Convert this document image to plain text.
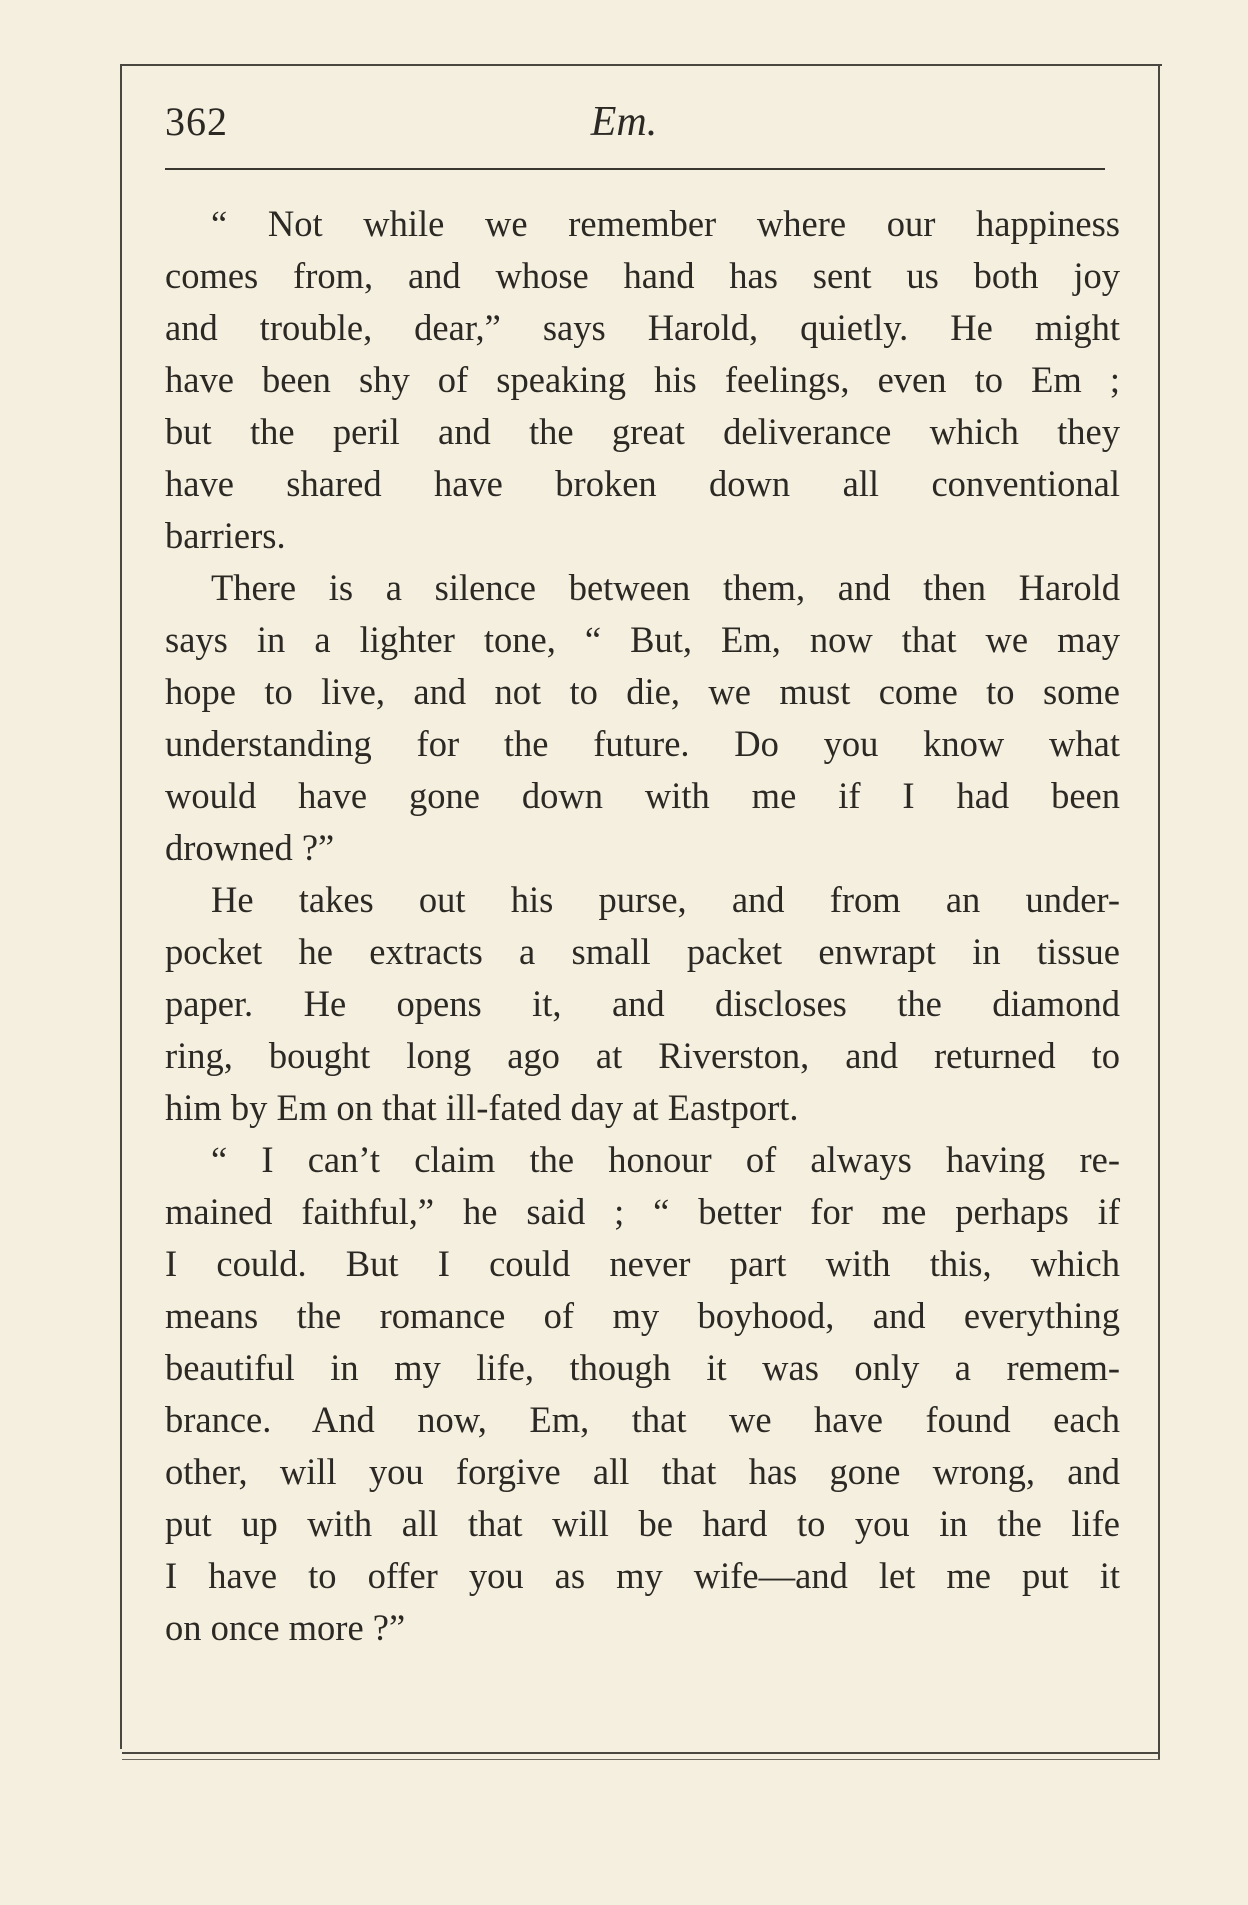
362	Em.
“ Not while we remember where our happiness
comes from, and whose hand has sent us both joy
and trouble, dear,” says Harold, quietly. He might
have been shy of speaking his feelings, even to Em ;
but the peril and the great deliverance which they
have shared have broken down all conventional
barriers.
There is a silence between them, and then Harold
says in a lighter tone, “ But, Em, now that we may
hope to live, and not to die, we must come to some
understanding for the future. Do you know what
would have gone down with me if I had been
drowned ?”
He takes out his purse, and from an under-
pocket he extracts a small packet enwrapt in tissue
paper. He opens it, and discloses the diamond
ring, bought long ago at Riverston, and returned to
him by Em on that ill-fated day at Eastport.
“ I can’t claim the honour of always having re-
mained faithful,” he said ; “ better for me perhaps if
I could. But I could never part with this, which
means the romance of my boyhood, and everything
beautiful in my life, though it was only a remem-
brance. And now, Em, that we have found each
other, will you forgive all that has gone wrong, and
put up with all that will be hard to you in the life
I have to offer you as my wife—and let me put it
on once more ?”
